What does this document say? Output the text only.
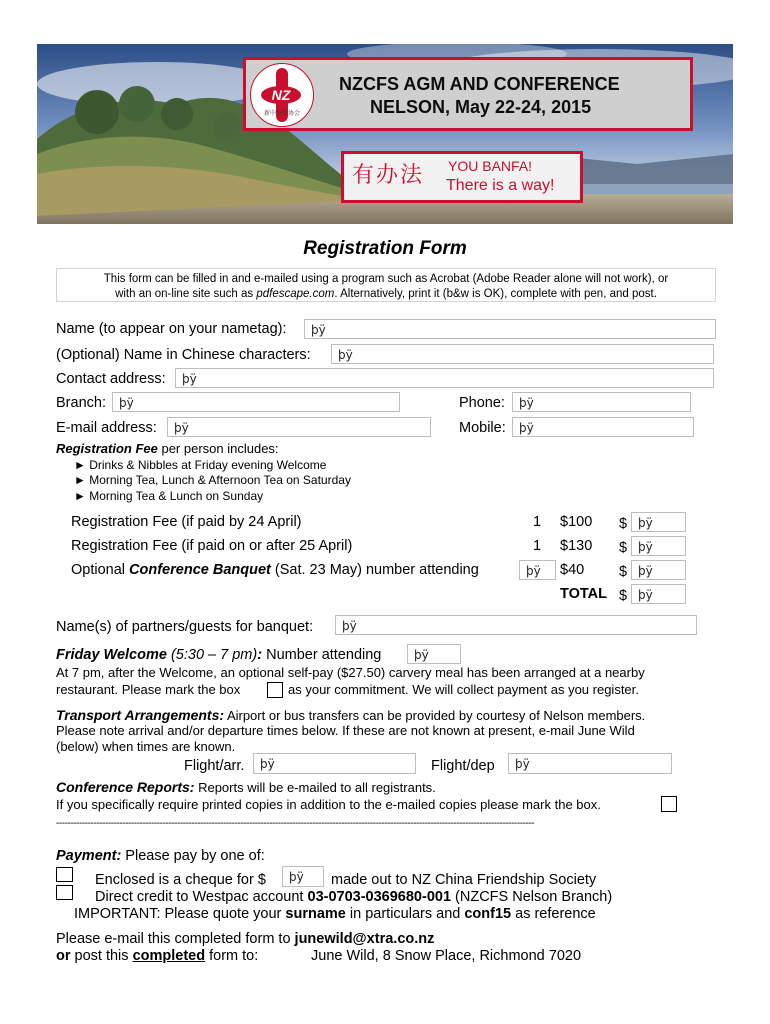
NZ
新中友好协会
NZCFS AGM AND CONFERENCE
NELSON, May 22-24, 2015
有办法 YOU BANFA!
There is a way!
Registration Form
This form can be filled in and e-mailed using a program such as Acrobat (Adobe Reader alone will not work), or
with an on-line site such as pdfescape.com. Alternatively, print it (b&w is OK), complete with pen, and post.
Name (to appear on your nametag):	þÿ
(Optional) Name in Chinese characters:	þÿ
Contact address:	þÿ
Branch:	þÿ	Phone:	þÿ
E-mail address:	þÿ	Mobile:	þÿ
Registration Fee per person includes:
► Drinks & Nibbles at Friday evening Welcome
► Morning Tea, Lunch & Afternoon Tea on Saturday
► Morning Tea & Lunch on Sunday
Registration Fee (if paid by 24 April)	1 $100 $ þÿ
Registration Fee (if paid on or after 25 April)	1 $130 $ þÿ
Optional Conference Banquet (Sat. 23 May) number attending	þÿ	$40 $ þÿ
TOTAL $ þÿ
Name(s) of partners/guests for banquet:	þÿ
Friday Welcome (5:30 – 7 pm): Number attending	þÿ
At 7 pm, after the Welcome, an optional self-pay ($27.50) carvery meal has been arranged at a nearby
restaurant. Please mark the box	as your commitment. We will collect payment as you register.
Transport Arrangements: Airport or bus transfers can be provided by courtesy of Nelson members.
Please note arrival and/or departure times below. If these are not known at present, e-mail June Wild
(below) when times are known.
Flight/arr.	þÿ	Flight/dep	þÿ
Conference Reports: Reports will be e-mailed to all registrants.
If you specifically require printed copies in addition to the e-mailed copies please mark the box.
----------------------------------------------------------------------------------------------------------------------------------------------------------------------
Payment: Please pay by one of:
Enclosed is a cheque for $	þÿ	made out to NZ China Friendship Society
Direct credit to Westpac account 03-0703-0369680-001 (NZCFS Nelson Branch)
IMPORTANT: Please quote your surname in particulars and conf15 as reference
Please e-mail this completed form to junewild@xtra.co.nz
or post this completed form to:	June Wild, 8 Snow Place, Richmond 7020
